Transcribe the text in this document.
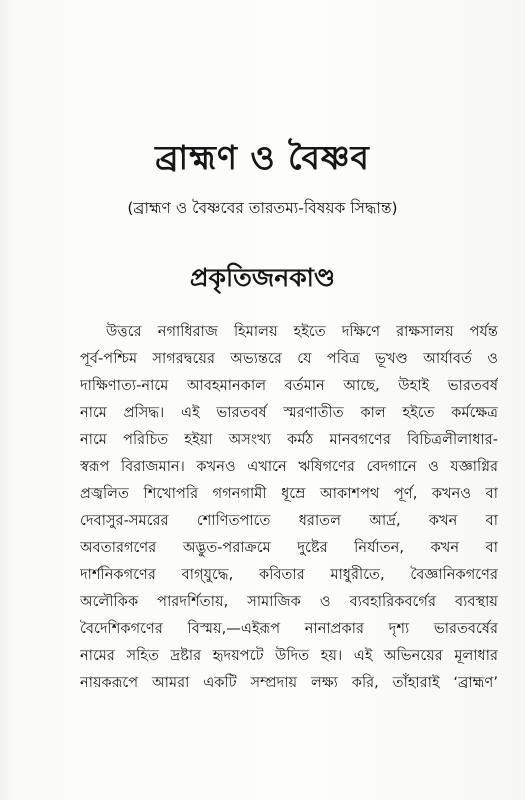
ব্রাহ্মণ ও বৈষ্ণব
(ব্রাহ্মণ ও বৈষ্ণবের তারতম্য-বিষয়ক সিদ্ধান্ত)
প্রকৃতিজনকাণ্ড
উত্তরে নগাধিরাজ হিমালয় হইতে দক্ষিণে রাক্ষসালয় পর্যন্ত
পূর্ব-পশ্চিম সাগরদ্বয়ের অভ্যন্তরে যে পবিত্র ভূখণ্ড আর্যাবর্ত ও
দাক্ষিণাত্য-নামে আবহমানকাল বর্তমান আছে, উহাই ভারতবর্ষ
নামে প্রসিদ্ধ। এই ভারতবর্ষ স্মরণাতীত কাল হইতে কর্মক্ষেত্র
নামে পরিচিত হইয়া অসংখ্য কর্মঠ মানবগণের বিচিত্রলীলাধার-
স্বরূপ বিরাজমান। কখনও এখানে ঋষিগণের বেদগানে ও যজ্ঞাগ্নির
প্রজ্বলিত শিখোপরি গগনগামী ধূম্রে আকাশপথ পূর্ণ, কখনও বা
দেবাসুর-সমরের শোণিতপাতে ধরাতল আর্দ্র, কখন বা
অবতারগণের অদ্ভুত-পরাক্রমে দুষ্টের নির্যাতন, কখন বা
দার্শনিকগণের বাগ্‌যুদ্ধে, কবিতার মাধুরীতে, বৈজ্ঞানিকগণের
অলৌকিক পারদর্শিতায়, সামাজিক ও ব্যবহারিকবর্গের ব্যবস্থায়
বৈদেশিকগণের বিস্ময়,—এইরূপ নানাপ্রকার দৃশ্য ভারতবর্ষের
নামের সহিত দ্রষ্টার হৃদয়পটে উদিত হয়। এই অভিনয়ের মূলাধার
নায়করূপে আমরা একটি সম্প্রদায় লক্ষ্য করি, তাঁহারাই ‘ব্রাহ্মণ’
